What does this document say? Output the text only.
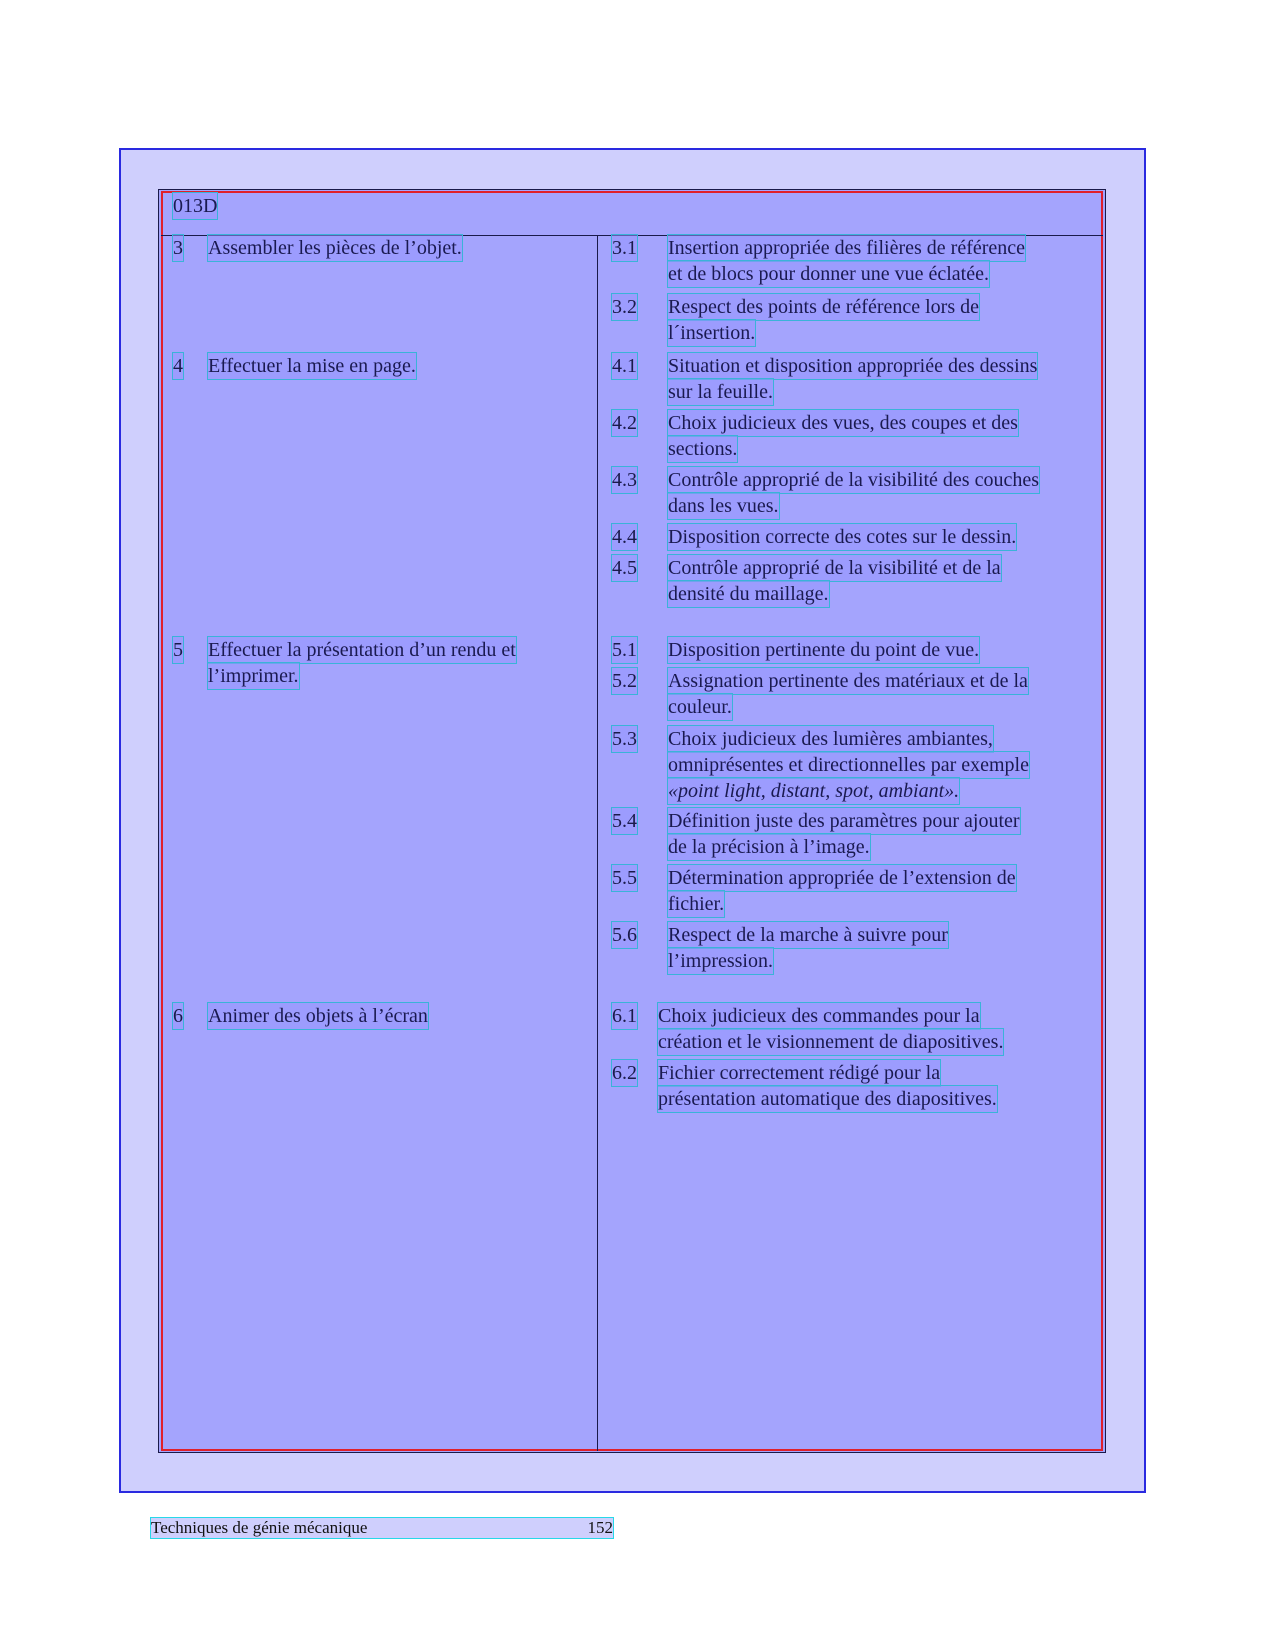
013D
3 Assembler les pièces de l’objet.
4 Effectuer la mise en page.
5 Effectuer la présentation d’un rendu et
l’imprimer.
6 Animer des objets à l’écran
3.1 Insertion appropriée des filières de référence
et de blocs pour donner une vue éclatée.
3.2 Respect des points de référence lors de
l´insertion.
4.1 Situation et disposition appropriée des dessins
sur la feuille.
4.2 Choix judicieux des vues, des coupes et des
sections.
4.3 Contrôle approprié de la visibilité des couches
dans les vues.
4.4 Disposition correcte des cotes sur le dessin.
4.5 Contrôle approprié de la visibilité et de la
densité du maillage.
5.1 Disposition pertinente du point de vue.
5.2 Assignation pertinente des matériaux et de la
couleur.
5.3 Choix judicieux des lumières ambiantes,
omniprésentes et directionnelles par exemple
«point light, distant, spot, ambiant».
5.4 Définition juste des paramètres pour ajouter
de la précision à l’image.
5.5 Détermination appropriée de l’extension de
fichier.
5.6 Respect de la marche à suivre pour
l’impression.
6.1 Choix judicieux des commandes pour la
création et le visionnement de diapositives.
6.2 Fichier correctement rédigé pour la
présentation automatique des diapositives.
Techniques de génie mécanique	152
